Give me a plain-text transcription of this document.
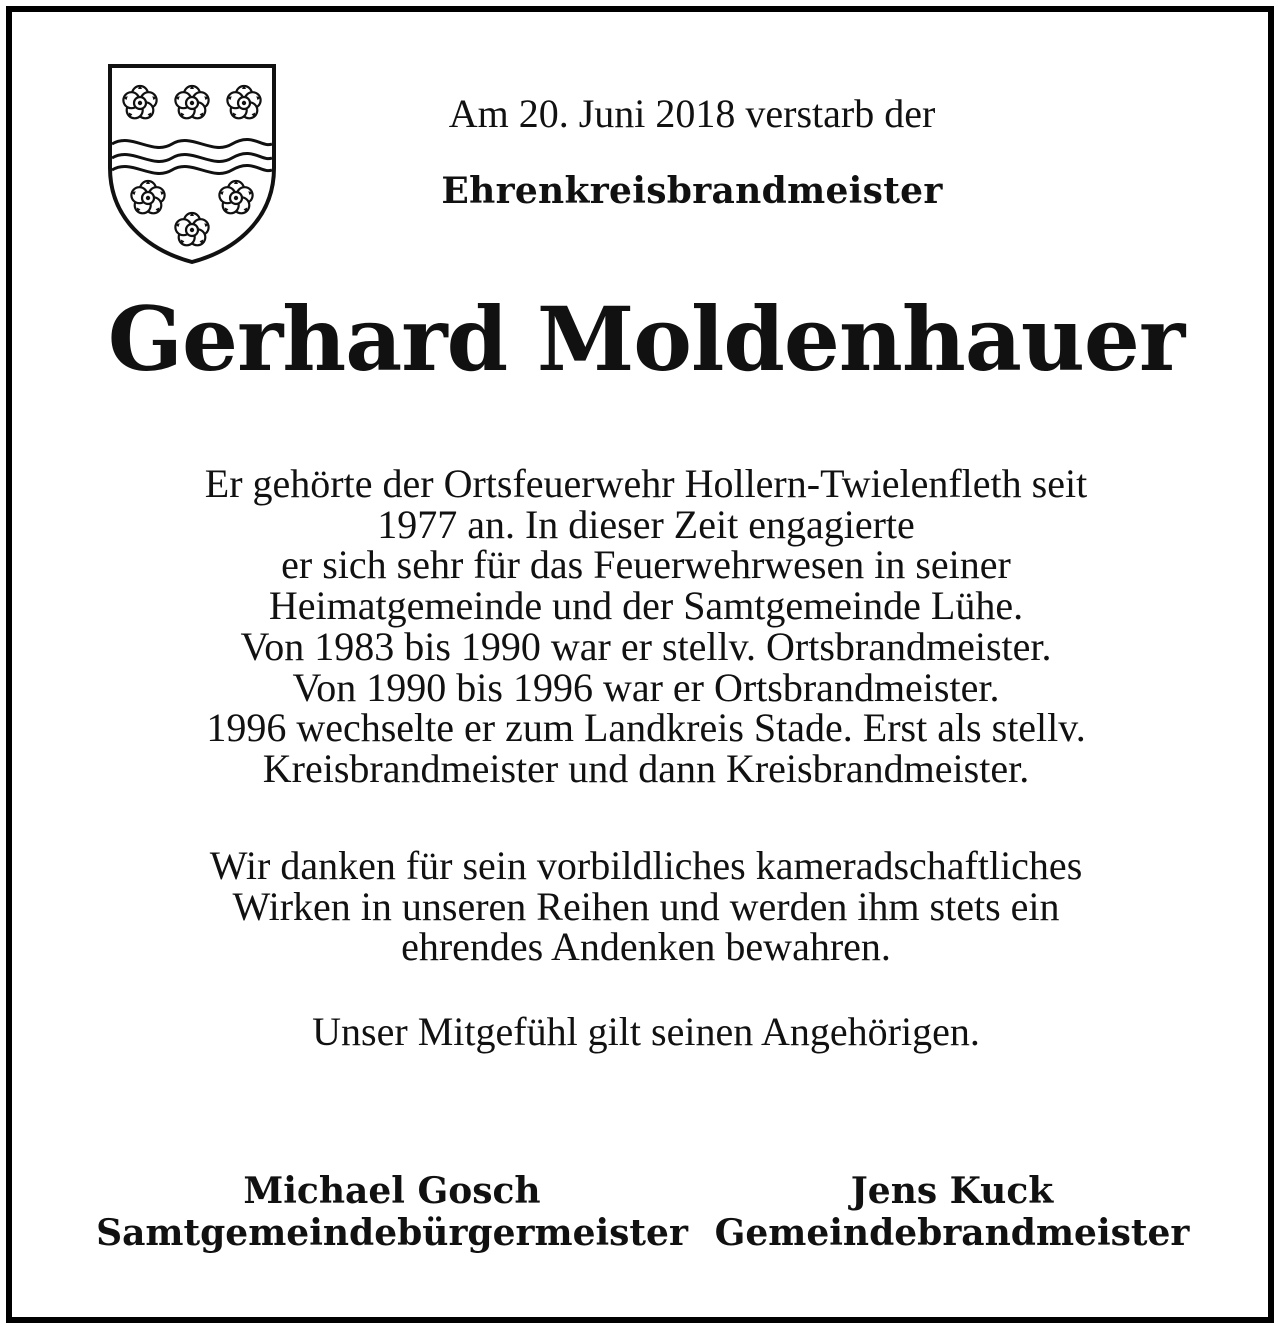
Am 20. Juni 2018 verstarb der
Ehrenkreisbrandmeister
Gerhard Moldenhauer
Er gehörte der Ortsfeuerwehr Hollern-Twielenfleth seit
1977 an. In dieser Zeit engagierte
er sich sehr für das Feuerwehrwesen in seiner
Heimatgemeinde und der Samtgemeinde Lühe.
Von 1983 bis 1990 war er stellv. Ortsbrandmeister.
Von 1990 bis 1996 war er Ortsbrandmeister.
1996 wechselte er zum Landkreis Stade. Erst als stellv.
Kreisbrandmeister und dann Kreisbrandmeister.
Wir danken für sein vorbildliches kameradschaftliches
Wirken in unseren Reihen und werden ihm stets ein
ehrendes Andenken bewahren.
Unser Mitgefühl gilt seinen Angehörigen.
Michael Gosch
Samtgemeindebürgermeister
Jens Kuck
Gemeindebrandmeister
